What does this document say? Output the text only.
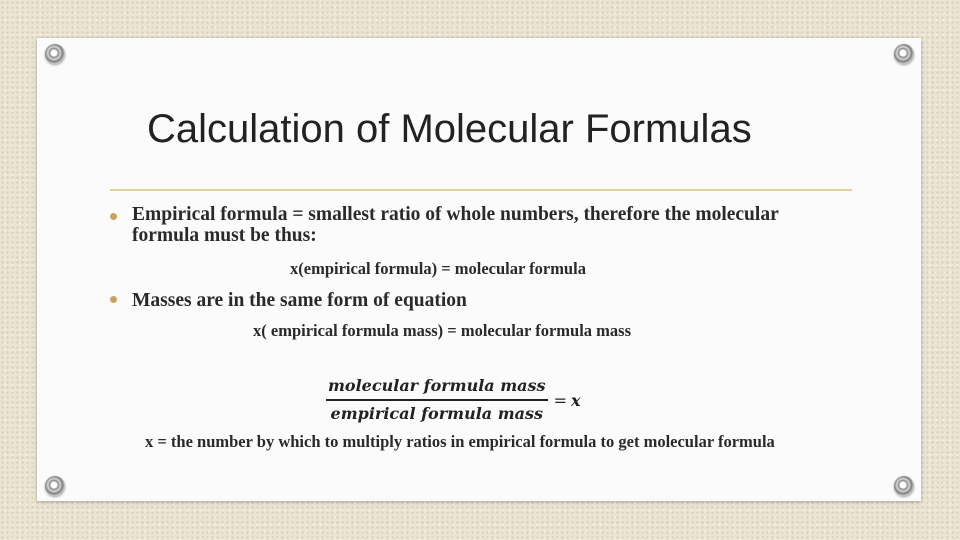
Calculation of Molecular Formulas
Empirical formula = smallest ratio of whole numbers, therefore the molecular formula must be thus:
x(empirical formula) = molecular formula
Masses are in the same form of equation
x( empirical formula mass) = molecular formula mass
$\frac{\text{molecular formula mass}}{\text{empirical formula mass}} = x$
x = the number by which to multiply ratios in empirical formula to get molecular formula
